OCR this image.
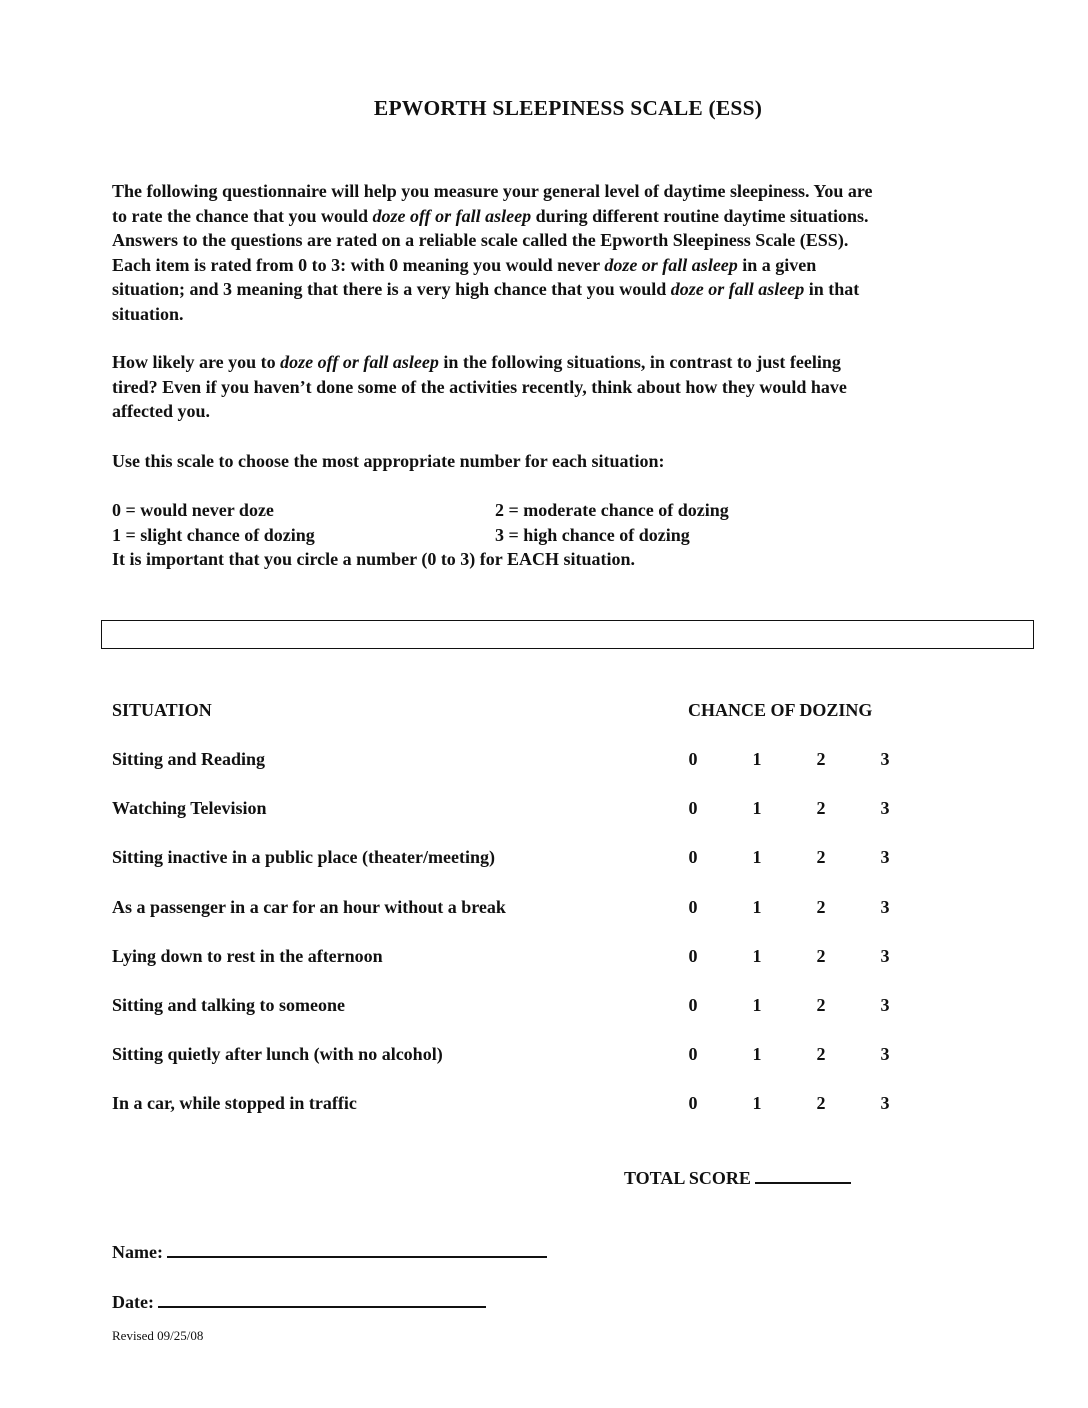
EPWORTH SLEEPINESS SCALE (ESS)
The following questionnaire will help you measure your general level of daytime sleepiness. You are
to rate the chance that you would doze off or fall asleep during different routine daytime situations.
Answers to the questions are rated on a reliable scale called the Epworth Sleepiness Scale (ESS).
Each item is rated from 0 to 3: with 0 meaning you would never doze or fall asleep in a given
situation; and 3 meaning that there is a very high chance that you would doze or fall asleep in that
situation.
How likely are you to doze off or fall asleep in the following situations, in contrast to just feeling
tired? Even if you haven’t done some of the activities recently, think about how they would have
affected you.
Use this scale to choose the most appropriate number for each situation:
0 = would never doze	2 = moderate chance of dozing
1 = slight chance of dozing	3 = high chance of dozing
It is important that you circle a number (0 to 3) for EACH situation.
SITUATION	CHANCE OF DOZING
Sitting and Reading	0	1	2	3
Watching Television	0	1	2	3
Sitting inactive in a public place (theater/meeting)	0	1	2	3
As a passenger in a car for an hour without a break	0	1	2	3
Lying down to rest in the afternoon	0	1	2	3
Sitting and talking to someone	0	1	2	3
Sitting quietly after lunch (with no alcohol)	0	1	2	3
In a car, while stopped in traffic	0	1	2	3
TOTAL SCORE
Name:
Date:
Revised 09/25/08
